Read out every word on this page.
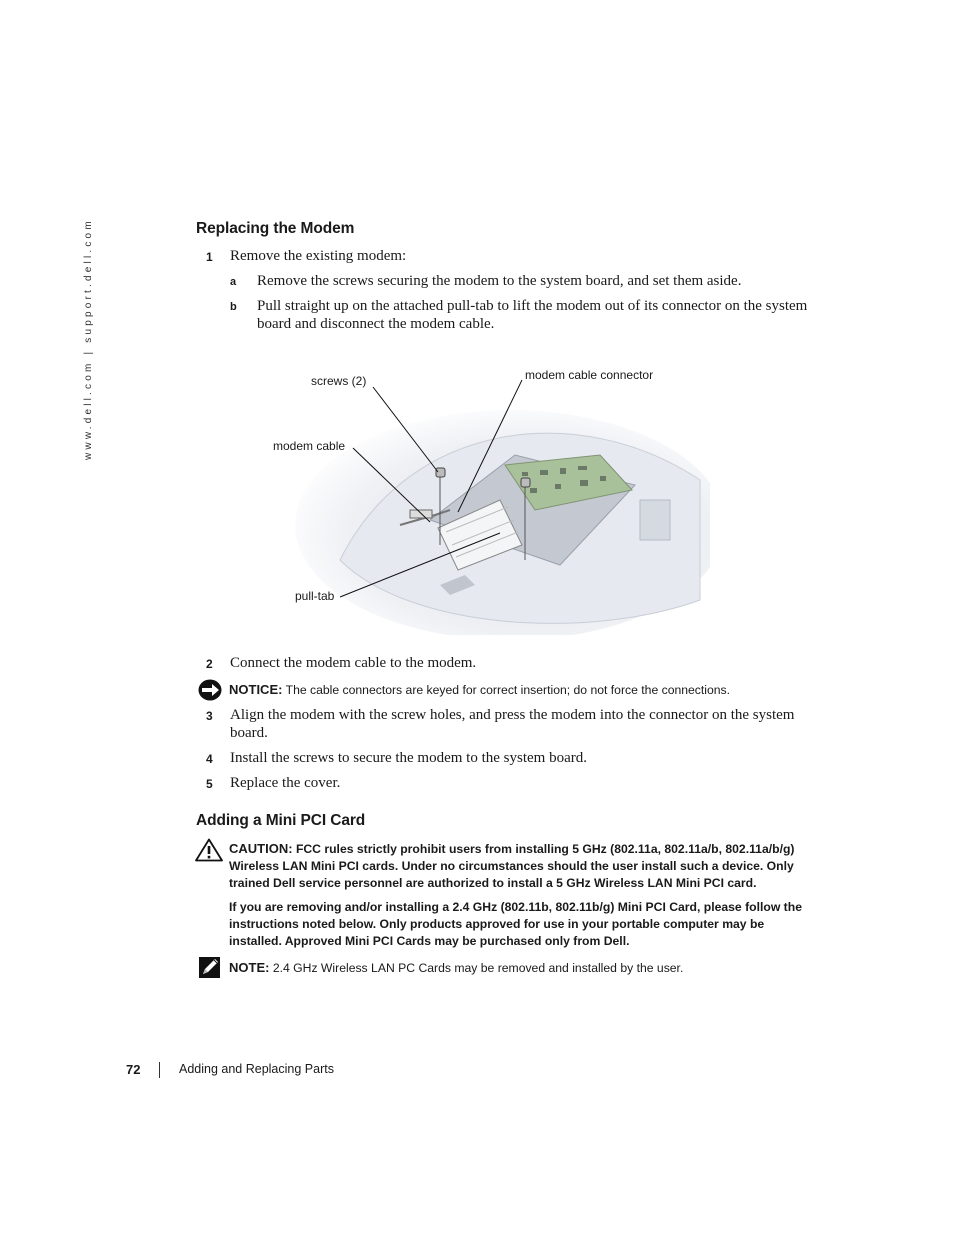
www.dell.com | support.dell.com	Replacing the Modem
1 Remove the existing modem:
a Remove the screws securing the modem to the system board, and set them aside.
b Pull straight up on the attached pull-tab to lift the modem out of its connector on the system board and disconnect the modem cable.
screws (2)	modem cable connector
modem cable
pull-tab
2 Connect the modem cable to the modem.
NOTICE: The cable connectors are keyed for correct insertion; do not force the connections.
3 Align the modem with the screw holes, and press the modem into the connector on the system board.
4 Install the screws to secure the modem to the system board.
5 Replace the cover.
Adding a Mini PCI Card
CAUTION: FCC rules strictly prohibit users from installing 5 GHz (802.11a, 802.11a/b, 802.11a/b/g) Wireless LAN Mini PCI cards. Under no circumstances should the user install such a device. Only trained Dell service personnel are authorized to install a 5 GHz Wireless LAN Mini PCI card.
If you are removing and/or installing a 2.4 GHz (802.11b, 802.11b/g) Mini PCI Card, please follow the instructions noted below. Only products approved for use in your portable computer may be installed. Approved Mini PCI Cards may be purchased only from Dell.
NOTE: 2.4 GHz Wireless LAN PC Cards may be removed and installed by the user.
72	Adding and Replacing Parts
